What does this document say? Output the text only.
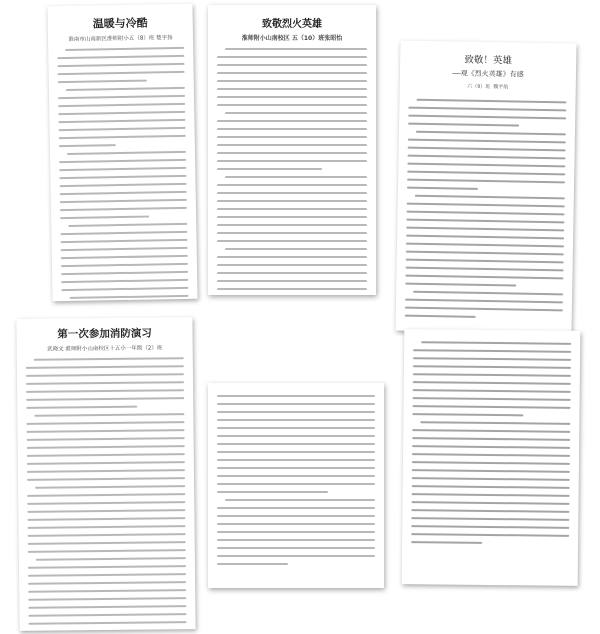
温暖与冷酷
淮南市山南新区淮师附小五（8）班 楚宇扬
致敬烈火英雄
淮师附小山南校区 五（10）班张昭怡
致敬！英雄
——观《烈火英雄》有感
六（9）班 魏宇航
第一次参加消防演习
武晓文 淮师附小山南校区十五小一年级（2）班
